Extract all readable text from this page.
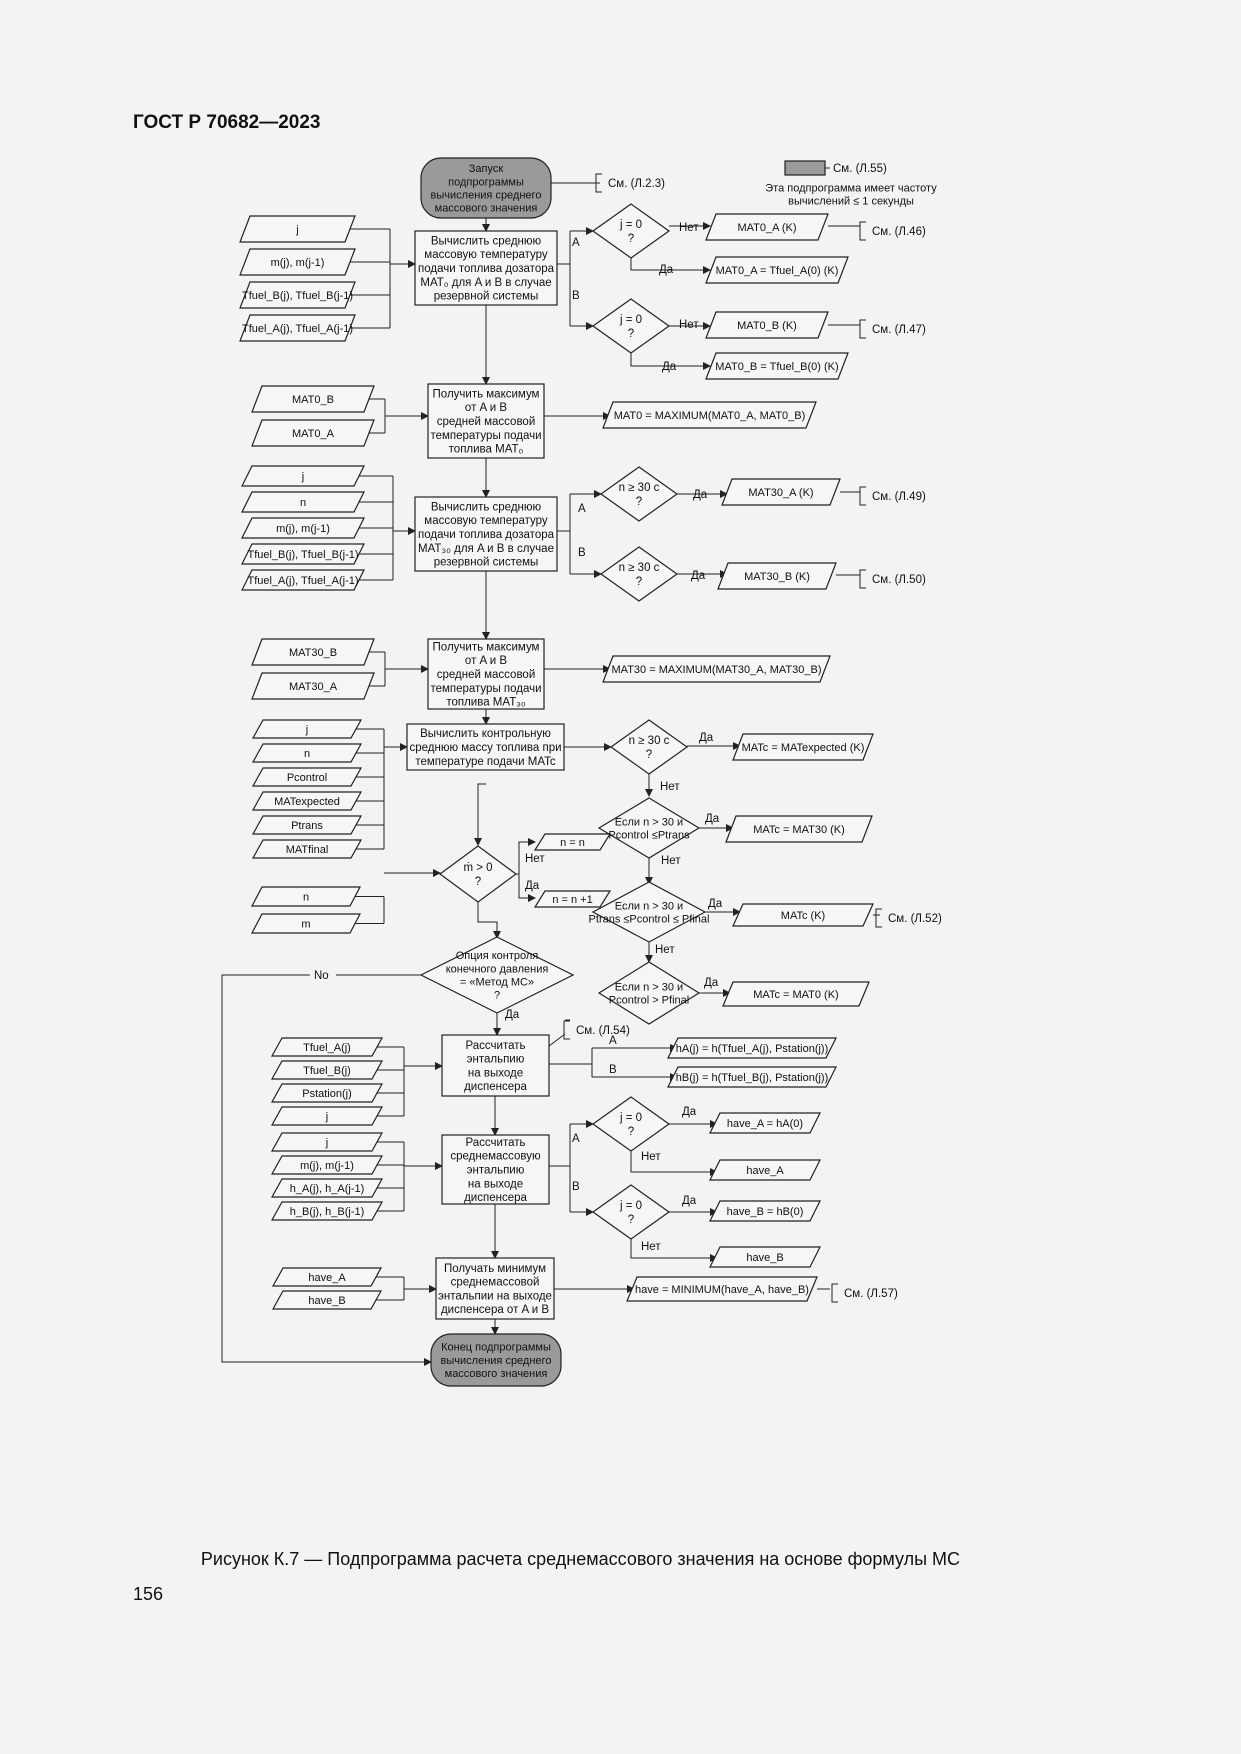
ГОСТ Р 70682—2023
См. (Л.55)
Эта подпрограмма имеет частоту
вычислений ≤ 1 секунды
Запуск
подпрограммы
вычисления среднего
массового значения
См. (Л.2.3)
Вычислить среднюю
массовую температуру
подачи топлива дозатора
MAT₀ для A и B в случае
резервной системы
j
m(j), m(j-1)
Tfuel_B(j), Tfuel_B(j-1)
Tfuel_A(j), Tfuel_A(j-1)
j = 0
?
j = 0
?
A
B
Нет
Да
Нет
Да
MAT0_A (K)
MAT0_A = Tfuel_A(0) (K)
MAT0_B (K)
MAT0_B = Tfuel_B(0) (K)
См. (Л.46)
См. (Л.47)
Получить максимум
от A и B
средней массовой
температуры подачи
топлива MAT₀
MAT0_B
MAT0_A
MAT0 = MAXIMUM(MAT0_A, MAT0_B)
Вычислить среднюю
массовую температуру
подачи топлива дозатора
MAT₃₀ для A и B в случае
резервной системы
j
n
m(j), m(j-1)
Tfuel_B(j), Tfuel_B(j-1)
Tfuel_A(j), Tfuel_A(j-1)
n ≥ 30 c
?
n ≥ 30 c
?
A
B
Да
Да
MAT30_A (K)
MAT30_B (K)
См. (Л.49)
См. (Л.50)
Получить максимум
от A и B
средней массовой
температуры подачи
топлива MAT₃₀
MAT30_B
MAT30_A
MAT30 = MAXIMUM(MAT30_A, MAT30_B)
Вычислить контрольную
среднюю массу топлива при
температуре подачи MATc
j
n
Pcontrol
MATexpected
Ptrans
MATfinal
n ≥ 30 c
?
Да
MATc = MATexpected (K)
Нет
Если n > 30 и
Pcontrol ≤Ptrans
Да
MATc = MAT30 (K)
Нет
Если n > 30 и
Ptrans ≤Pcontrol ≤ Pfinal
Да
MATc (K)	См. (Л.52)
Нет
Если n > 30 и
Pcontrol > Pfinal
Да
MATc = MAT0 (K)
ṁ > 0
?
n
m
Нет
Да
n = n
n = n +1
Опция контроля
конечного давления
= «Метод МС»
?
No
Да
Рассчитать
энтальпию
на выходе
диспенсера
Tfuel_A(j)
Tfuel_B(j)
Pstation(j)
j
См. (Л.54)
A
B
hA(j) = h(Tfuel_A(j), Pstation(j))
hB(j) = h(Tfuel_B(j), Pstation(j))
Рассчитать
среднемассовую
энтальпию
на выходе
диспенсера
j
m(j), m(j-1)
h_A(j), h_A(j-1)
h_B(j), h_B(j-1)
j = 0
?
j = 0
?
A
B
Да
Нет
Да
Нет
have_A = hA(0)
have_A
have_B = hB(0)
have_B
Получать минимум
среднемассовой
энтальпии на выходе
диспенсера от A и B
have_A
have_B
have = MINIMUM(have_A, have_B)	См. (Л.57)
Конец подпрограммы
вычисления среднего
массового значения
Рисунок К.7 — Подпрограмма расчета среднемассового значения на основе формулы МС
156
